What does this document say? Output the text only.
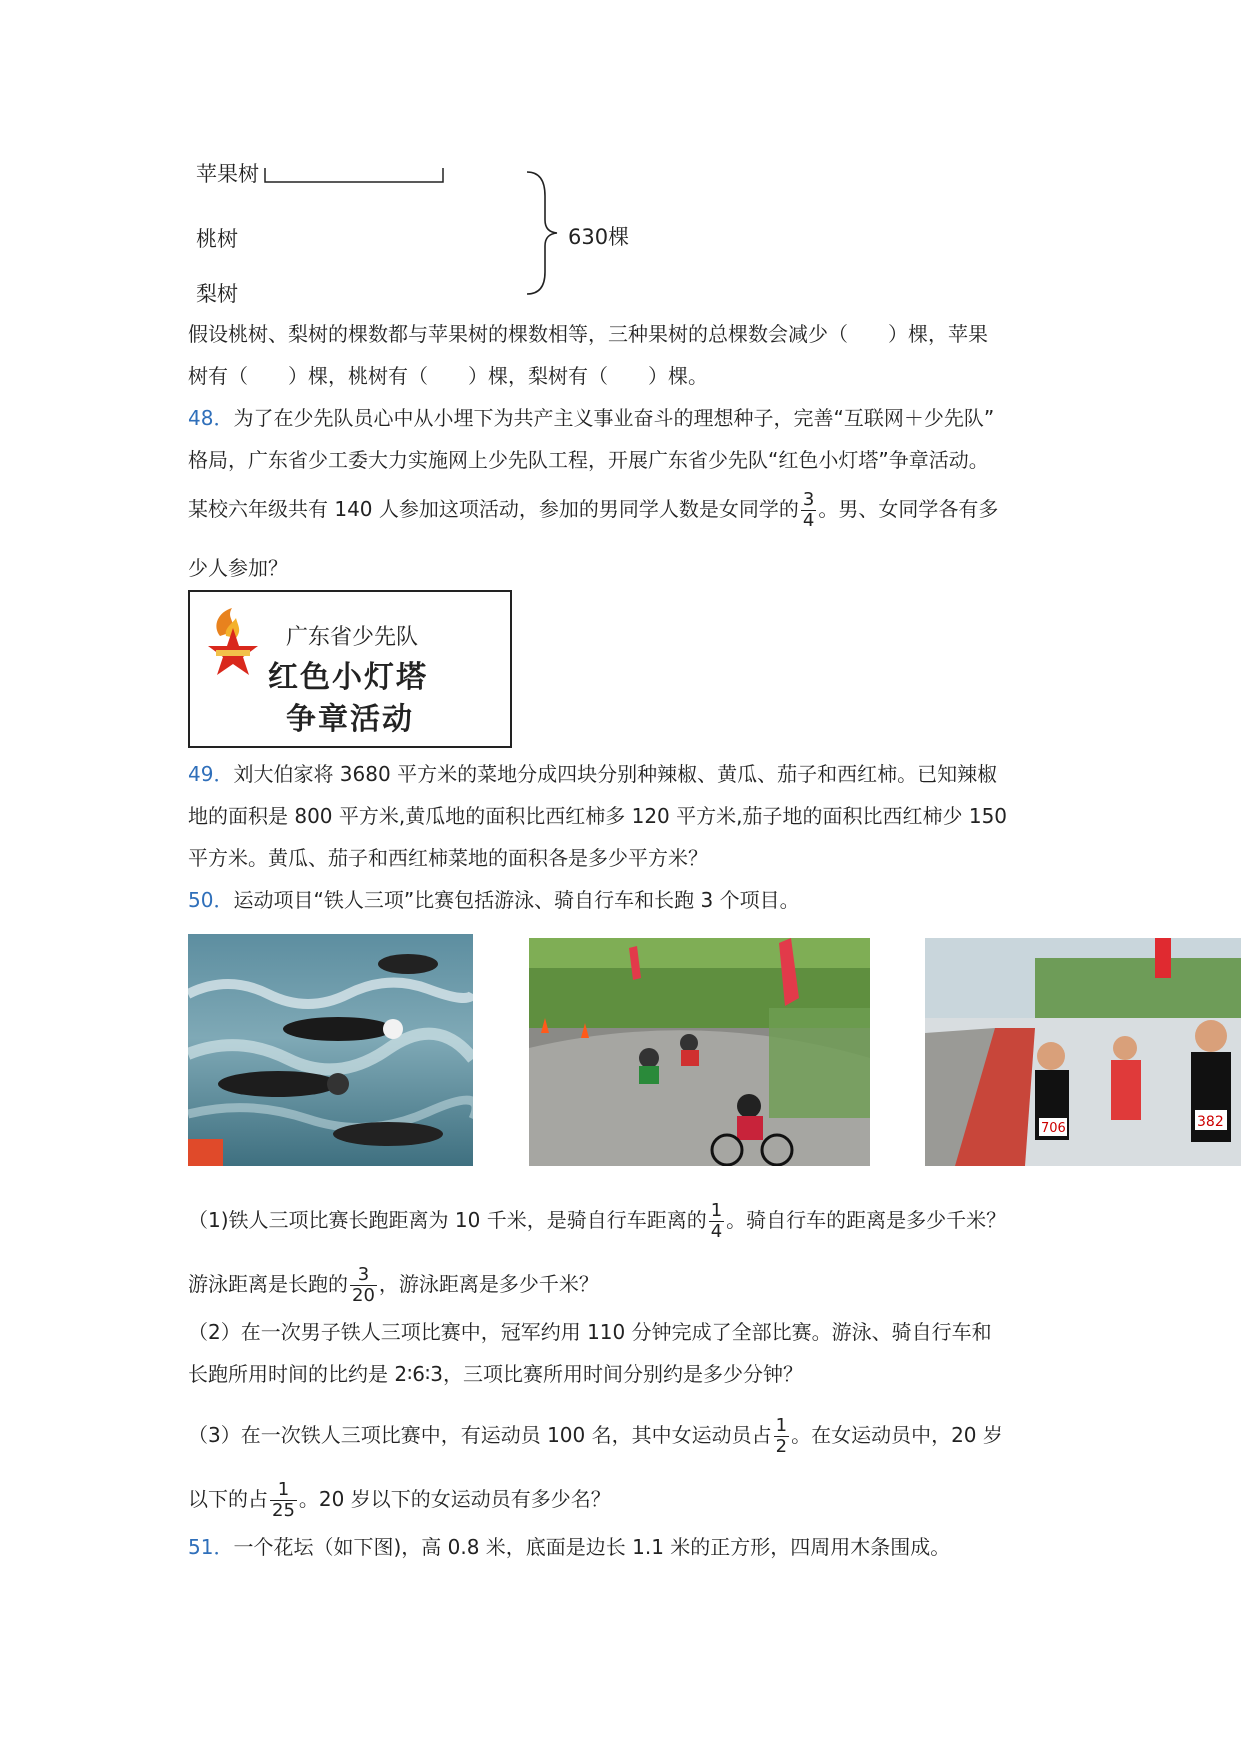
苹果树
桃树
梨树
630棵
假设桃树、梨树的棵数都与苹果树的棵数相等，三种果树的总棵数会减少（　　）棵，苹果
树有（　　）棵，桃树有（　　）棵，梨树有（　　）棵。
48．为了在少先队员心中从小埋下为共产主义事业奋斗的理想种子，完善“互联网＋少先队”
格局，广东省少工委大力实施网上少先队工程，开展广东省少先队“红色小灯塔”争章活动。
某校六年级共有 140 人参加这项活动，参加的男同学人数是女同学的 $\frac{3}{4}$ 。男、女同学各有多
少人参加？
广东省少先队
红色小灯塔
争章活动
49．刘大伯家将 3680 平方米的菜地分成四块分别种辣椒、黄瓜、茄子和西红柿。已知辣椒
地的面积是 800 平方米,黄瓜地的面积比西红柿多 120 平方米,茄子地的面积比西红柿少 150
平方米。黄瓜、茄子和西红柿菜地的面积各是多少平方米？
50．运动项目“铁人三项”比赛包括游泳、骑自行车和长跑 3 个项目。
706	382
（1)铁人三项比赛长跑距离为 10 千米，是骑自行车距离的 $\frac{1}{4}$ 。骑自行车的距离是多少千米？
游泳距离是长跑的 $\frac{3}{20}$ ，游泳距离是多少千米？
（2）在一次男子铁人三项比赛中，冠军约用 110 分钟完成了全部比赛。游泳、骑自行车和
长跑所用时间的比约是 2∶6∶3，三项比赛所用时间分别约是多少分钟？
（3）在一次铁人三项比赛中，有运动员 100 名，其中女运动员占 $\frac{1}{2}$ 。在女运动员中，20 岁
以下的占 $\frac{1}{25}$ 。20 岁以下的女运动员有多少名？
51．一个花坛（如下图)，高 0.8 米，底面是边长 1.1 米的正方形，四周用木条围成。
